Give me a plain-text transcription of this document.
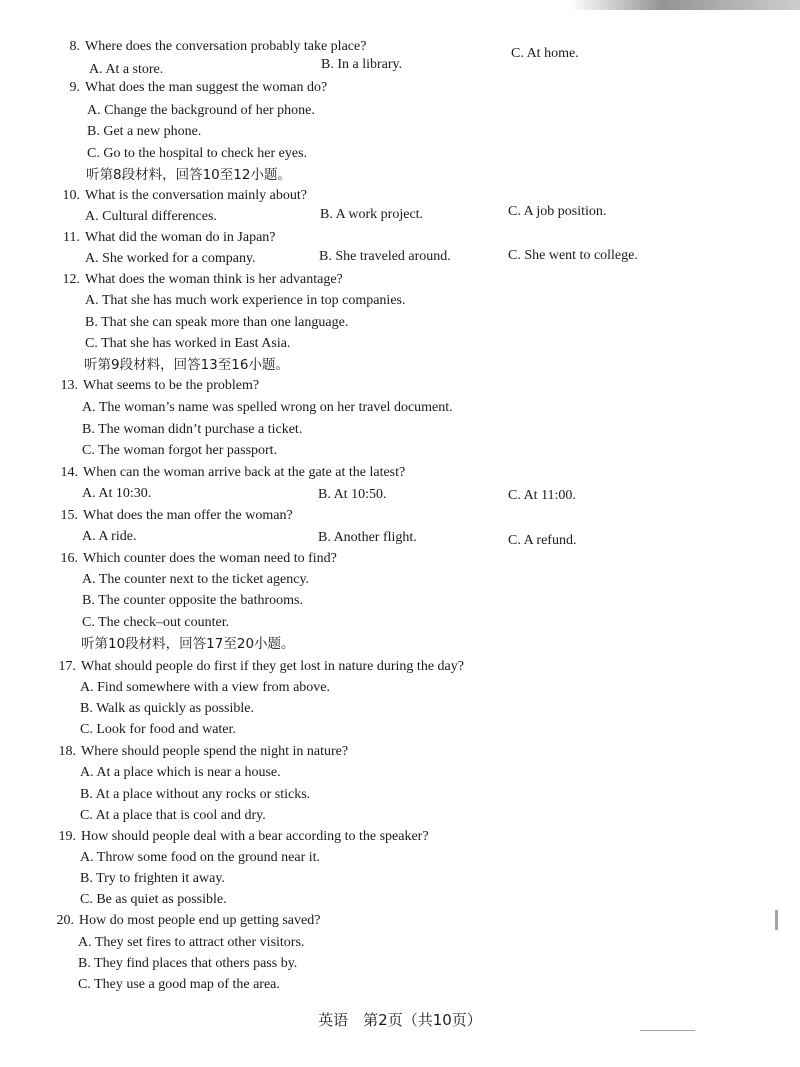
8. Where does the conversation probably take place?
A. At a store.	B. In a library.
C. At home.
9. What does the man suggest the woman do?
A. Change the background of her phone.
B. Get a new phone.
C. Go to the hospital to check her eyes.
听第8段材料，回答10至12小题。
10. What is the conversation mainly about?
A. Cultural differences.	B. A work project.	C. A job position.
11. What did the woman do in Japan?
A. She worked for a company.	B. She traveled around.	C. She went to college.
12. What does the woman think is her advantage?
A. That she has much work experience in top companies.
B. That she can speak more than one language.
C. That she has worked in East Asia.
听第9段材料，回答13至16小题。
13. What seems to be the problem?
A. The woman’s name was spelled wrong on her travel document.
B. The woman didn’t purchase a ticket.
C. The woman forgot her passport.
14. When can the woman arrive back at the gate at the latest?
A. At 10:30.	B. At 10:50.	C. At 11:00.
15. What does the man offer the woman?
A. A ride.	B. Another flight.	C. A refund.
16. Which counter does the woman need to find?
A. The counter next to the ticket agency.
B. The counter opposite the bathrooms.
C. The check–out counter.
听第10段材料，回答17至20小题。
17. What should people do first if they get lost in nature during the day?
A. Find somewhere with a view from above.
B. Walk as quickly as possible.
C. Look for food and water.
18. Where should people spend the night in nature?
A. At a place which is near a house.
B. At a place without any rocks or sticks.
C. At a place that is cool and dry.
19. How should people deal with a bear according to the speaker?
A. Throw some food on the ground near it.
B. Try to frighten it away.
C. Be as quiet as possible.
20. How do most people end up getting saved?
A. They set fires to attract other visitors.
B. They find places that others pass by.
C. They use a good map of the area.
英语　第2页（共10页）
